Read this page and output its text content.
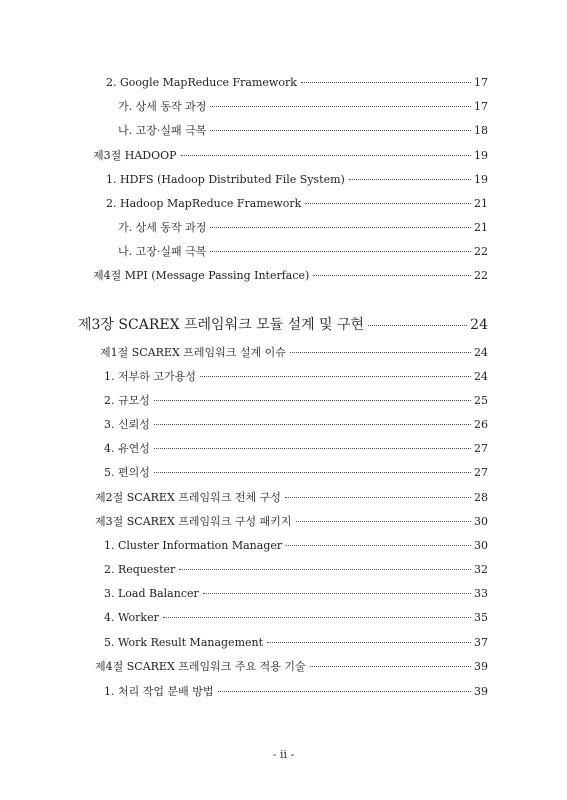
2. Google MapReduce Framework	17
가. 상세 동작 과정	17
나. 고장·실패 극복	18
제3절 HADOOP	19
1. HDFS (Hadoop Distributed File System)	19
2. Hadoop MapReduce Framework	21
가. 상세 동작 과정	21
나. 고장·실패 극복	22
제4절 MPI (Message Passing Interface)	22
제3장 SCAREX 프레임워크 모듈 설계 및 구현	24
제1절 SCAREX 프레임워크 설계 이슈	24
1. 저부하 고가용성	24
2. 규모성	25
3. 신뢰성	26
4. 유연성	27
5. 편의성	27
제2절 SCAREX 프레임워크 전체 구성	28
제3절 SCAREX 프레임워크 구성 패키지	30
1. Cluster Information Manager	30
2. Requester	32
3. Load Balancer	33
4. Worker	35
5. Work Result Management	37
제4절 SCAREX 프레임워크 주요 적용 기술	39
1. 처리 작업 분배 방법	39
- ii -
